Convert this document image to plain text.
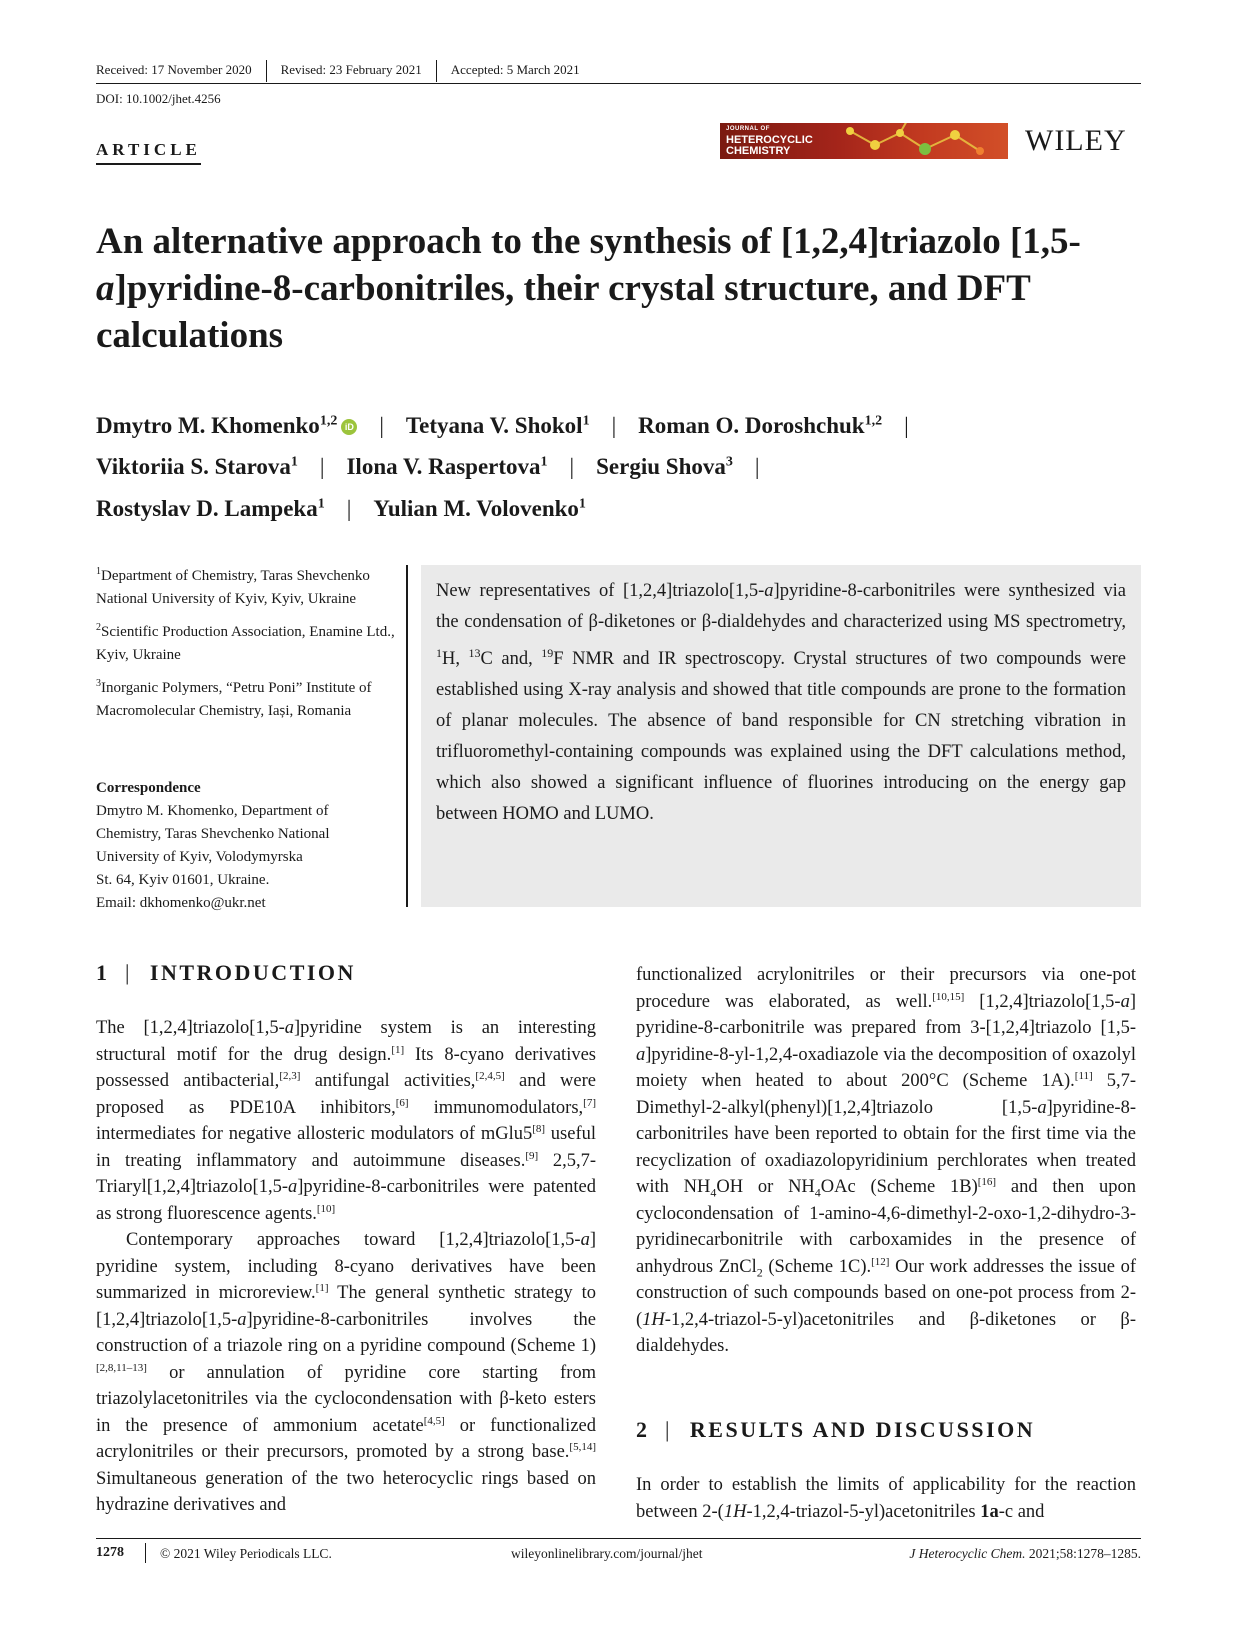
Received: 17 November 2020 Revised: 23 February 2021 Accepted: 5 March 2021
DOI: 10.1002/jhet.4256
ARTICLE
JOURNAL OF
HETEROCYCLIC
CHEMISTRY	WILEY
An alternative approach to the synthesis of [1,2,4]triazolo [1,5-a]pyridine-8-carbonitriles, their crystal structure, and DFT calculations
Dmytro M. Khomenko$^{1,2}$ iD | Tetyana V. Shokol$^1$ | Roman O. Doroshchuk$^{1,2}$ |
Viktoriia S. Starova$^1$ | Ilona V. Raspertova$^1$ | Sergiu Shova$^3$ |
Rostyslav D. Lampeka$^1$ | Yulian M. Volovenko$^1$

$^1$Department of Chemistry, Taras Shevchenko National University of Kyiv, Kyiv, Ukraine

$^2$Scientific Production Association, Enamine Ltd., Kyiv, Ukraine

$^3$Inorganic Polymers, “Petru Poni” Institute of Macromolecular Chemistry, Iași, Romania

Correspondence
Dmytro M. Khomenko, Department of
Chemistry, Taras Shevchenko National
University of Kyiv, Volodymyrska
St. 64, Kyiv 01601, Ukraine.
Email: dkhomenko@ukr.net

New representatives of [1,2,4]triazolo[1,5-a]pyridine-8-carbonitriles were synthesized via the condensation of β-diketones or β-dialdehydes and characterized using MS spectrometry, $^1$H, $^{13}$C and, $^{19}$F NMR and IR spectroscopy. Crystal structures of two compounds were established using X-ray analysis and showed that title compounds are prone to the formation of planar molecules. The absence of band responsible for CN stretching vibration in trifluoromethyl-containing compounds was explained using the DFT calculations method, which also showed a significant influence of fluorines introducing on the energy gap between HOMO and LUMO.

1 | INTRODUCTION

The [1,2,4]triazolo[1,5-a]pyridine system is an interesting structural motif for the drug design.[1] Its 8-cyano derivatives possessed antibacterial,[2,3] antifungal activities,[2,4,5] and were proposed as PDE10A inhibitors,[6] immunomodulators,[7] intermediates for negative allosteric modulators of mGlu5[8] useful in treating inflammatory and autoimmune diseases.[9] 2,5,7-Triaryl[1,2,4]triazolo[1,5-a]pyridine-8-carbonitriles were patented as strong fluorescence agents.[10]

Contemporary approaches toward [1,2,4]triazolo[1,5-a] pyridine system, including 8-cyano derivatives have been summarized in microreview.[1] The general synthetic strategy to [1,2,4]triazolo[1,5-a]pyridine-8-carbonitriles involves the construction of a triazole ring on a pyridine compound (Scheme 1)[2,8,11–13] or annulation of pyridine core starting from triazolylacetonitriles via the cyclocondensation with β-keto esters in the presence of ammonium acetate[4,5] or functionalized acrylonitriles or their precursors, promoted by a strong base.[5,14] Simultaneous generation of the two heterocyclic rings based on hydrazine derivatives and

functionalized acrylonitriles or their precursors via one-pot procedure was elaborated, as well.[10,15] [1,2,4]triazolo[1,5-a] pyridine-8-carbonitrile was prepared from 3-[1,2,4]triazolo [1,5-a]pyridine-8-yl-1,2,4-oxadiazole via the decomposition of oxazolyl moiety when heated to about 200°C (Scheme 1A).[11] 5,7-Dimethyl-2-alkyl(phenyl)[1,2,4]triazolo [1,5-a]pyridine-8-carbonitriles have been reported to obtain for the first time via the recyclization of oxadiazolopyridinium perchlorates when treated with $NH_4OH$ or $NH_4OAc$ (Scheme 1B)[16] and then upon cyclocondensation of 1-amino-4,6-dimethyl-2-oxo-1,2-dihydro-3-pyridinecarbonitrile with carboxamides in the presence of anhydrous ZnCl$_2$ (Scheme 1C).[12] Our work addresses the issue of construction of such compounds based on one-pot process from 2-(1H-1,2,4-triazol-5-yl)acetonitriles and β-diketones or β-dialdehydes.

2 | RESULTS AND DISCUSSION

In order to establish the limits of applicability for the reaction between 2-(1H-1,2,4-triazol-5-yl)acetonitriles 1a-c and

1278	© 2021 Wiley Periodicals LLC.	wileyonlinelibrary.com/journal/jhet	J Heterocyclic Chem. 2021;58:1278–1285.
